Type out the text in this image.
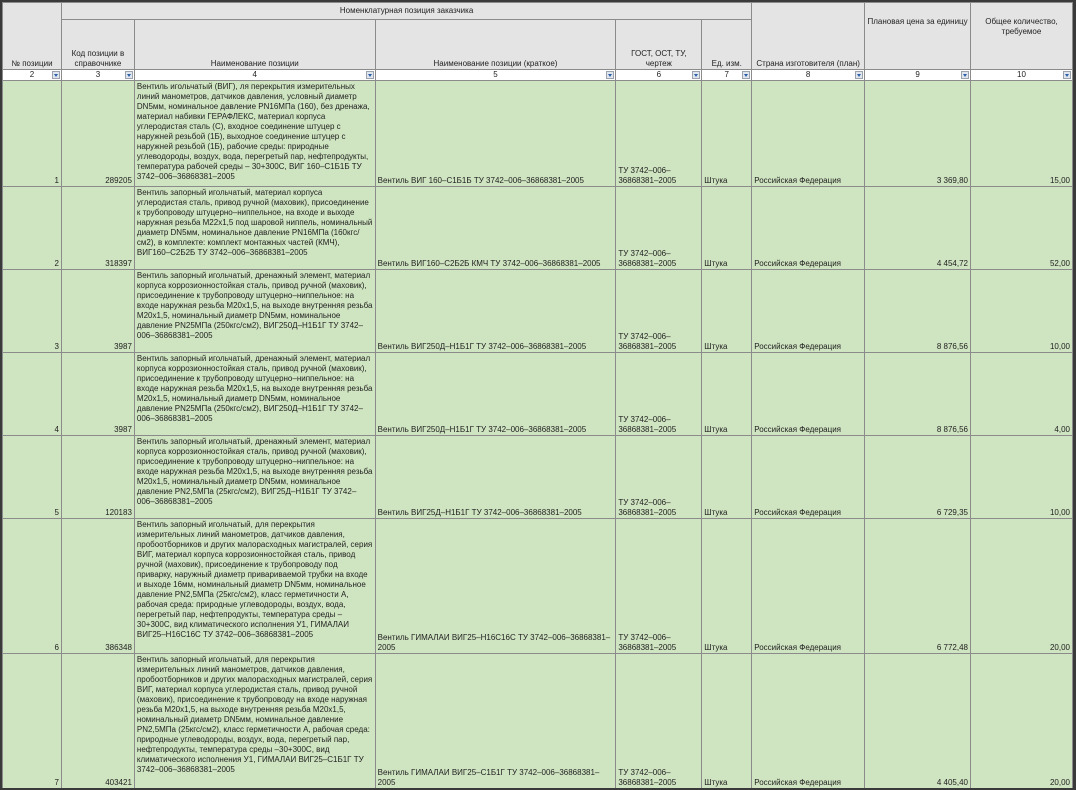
№ позиции	Номенклатурная позиция заказчика					Страна изготовителя (план)	Плановая цена за единицу	Общее количество, требуемое
	Код позиции в справочнике	Наименование позиции	Наименование позиции (краткое)	ГОСТ, ОСТ, ТУ, чертеж	Ед. изм.			
2	3	4	5	6	7	8	9	10

1	289205	Вентиль игольчатый (ВИГ), ля перекрытия измерительных линий манометров, датчиков давления, условный диаметр DN5мм, номинальное давление PN16МПа (160), без дренажа, материал набивки ГЕРАФЛЕКС, материал корпуса углеродистая сталь (С), входное соединение штуцер с наружней резьбой (1Б), выходное соединение штуцер с наружней резьбой (1Б), рабочие среды: природные углеводороды, воздух, вода, перегретый пар, нефтепродукты, температура рабочей среды – 30+300С, ВИГ 160–С1Б1Б ТУ 3742–006–36868381–2005	Вентиль ВИГ 160–С1Б1Б ТУ 3742–006–36868381–2005	ТУ 3742–006–36868381–2005	Штука	Российская Федерация	3 369,80	15,00
2	318397	Вентиль запорный игольчатый, материал корпуса углеродистая сталь, привод ручной (маховик), присоединение к трубопроводу штуцерно–ниппельное, на входе и выходе наружная резьба М22х1,5 под шаровой ниппель, номинальный диаметр DN5мм, номинальное давление PN16МПа (160кгс/см2), в комплекте: комплект монтажных частей (КМЧ), ВИГ160–С2Б2Б ТУ 3742–006–36868381–2005	Вентиль ВИГ160–С2Б2Б КМЧ ТУ 3742–006–36868381–2005	ТУ 3742–006–36868381–2005	Штука	Российская Федерация	4 454,72	52,00
3	3987	Вентиль запорный игольчатый, дренажный элемент, материал корпуса коррозионностойкая сталь, привод ручной (маховик), присоединение к трубопроводу штуцерно–ниппельное: на входе наружная резьба М20х1,5, на выходе внутренняя резьба М20х1,5, номинальный диаметр DN5мм, номинальное давление PN25МПа (250кгс/см2), ВИГ250Д–Н1Б1Г ТУ 3742–006–36868381–2005	Вентиль ВИГ250Д–Н1Б1Г ТУ 3742–006–36868381–2005	ТУ 3742–006–36868381–2005	Штука	Российская Федерация	8 876,56	10,00
4	3987	Вентиль запорный игольчатый, дренажный элемент, материал корпуса коррозионностойкая сталь, привод ручной (маховик), присоединение к трубопроводу штуцерно–ниппельное: на входе наружная резьба М20х1,5, на выходе внутренняя резьба М20х1,5, номинальный диаметр DN5мм, номинальное давление PN25МПа (250кгс/см2), ВИГ250Д–Н1Б1Г ТУ 3742–006–36868381–2005	Вентиль ВИГ250Д–Н1Б1Г ТУ 3742–006–36868381–2005	ТУ 3742–006–36868381–2005	Штука	Российская Федерация	8 876,56	4,00
5	120183	Вентиль запорный игольчатый, дренажный элемент, материал корпуса коррозионностойкая сталь, привод ручной (маховик), присоединение к трубопроводу штуцерно–ниппельное: на входе наружная резьба М20х1,5, на выходе внутренняя резьба М20х1,5, номинальный диаметр DN5мм, номинальное давление PN2,5МПа (25кгс/см2), ВИГ25Д–Н1Б1Г ТУ 3742–006–36868381–2005	Вентиль ВИГ25Д–Н1Б1Г ТУ 3742–006–36868381–2005	ТУ 3742–006–36868381–2005	Штука	Российская Федерация	6 729,35	10,00
6	386348	Вентиль запорный игольчатый, для перекрытия измерительных линий манометров, датчиков давления, пробоотборников и других малорасходных магистралей, серия ВИГ, материал корпуса коррозионностойкая сталь, привод ручной (маховик), присоединение к трубопроводу под приварку, наружный диаметр привариваемой трубки на входе и выходе 16мм, номинальный диаметр DN5мм, номинальное давление PN2,5МПа (25кгс/см2), класс герметичности А, рабочая среда: природные углеводороды, воздух, вода, перегретый пар, нефтепродукты, температура среды –30+300С, вид климатического исполнения У1, ГИМАЛАИ ВИГ25–Н16С16С ТУ 3742–006–36868381–2005	Вентиль ГИМАЛАИ ВИГ25–Н16С16С ТУ 3742–006–36868381–2005	ТУ 3742–006–36868381–2005	Штука	Российская Федерация	6 772,48	20,00
7	403421	Вентиль запорный игольчатый, для перекрытия измерительных линий манометров, датчиков давления, пробоотборников и других малорасходных магистралей, серия ВИГ, материал корпуса углеродистая сталь, привод ручной (маховик), присоединение к трубопроводу на входе наружная резьба М20х1,5, на выходе внутренняя резьба М20х1,5, номинальный диаметр DN5мм, номинальное давление PN2,5МПа (25кгс/см2), класс герметичности А, рабочая среда: природные углеводороды, воздух, вода, перегретый пар, нефтепродукты, температура среды –30+300С, вид климатического исполнения У1, ГИМАЛАИ ВИГ25–С1Б1Г ТУ 3742–006–36868381–2005	Вентиль ГИМАЛАИ ВИГ25–С1Б1Г ТУ 3742–006–36868381–2005	ТУ 3742–006–36868381–2005	Штука	Российская Федерация	4 405,40	20,00
